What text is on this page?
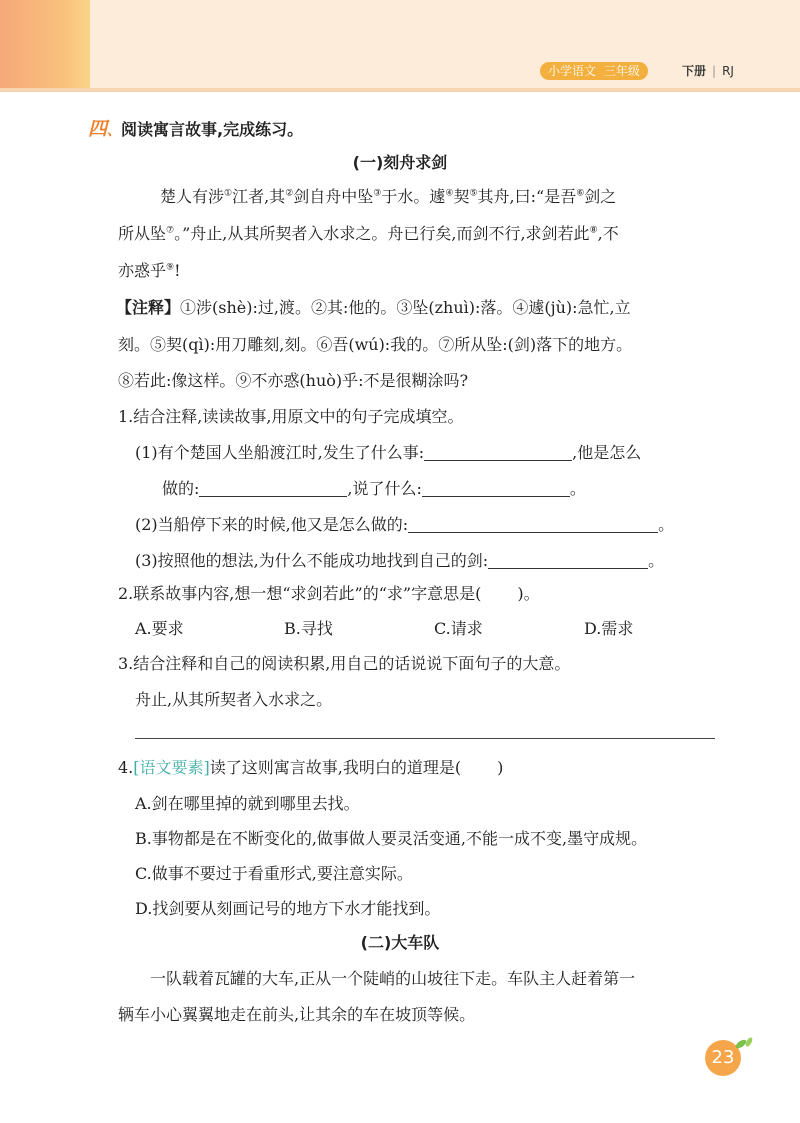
小学语文 三年级	下册 | RJ
四、阅读寓言故事,完成练习。
(一)刻舟求剑
楚人有涉①江者,其②剑自舟中坠③于水。遽④契⑤其舟,曰:“是吾⑥剑之
所从坠⑦。”舟止,从其所契者入水求之。舟已行矣,而剑不行,求剑若此⑧,不
亦惑乎⑨!
【注释】①涉(shè):过,渡。②其:他的。③坠(zhuì):落。④遽(jù):急忙,立
刻。⑤契(qì):用刀雕刻,刻。⑥吾(wú):我的。⑦所从坠:(剑)落下的地方。
⑧若此:像这样。⑨不亦惑(huò)乎:不是很糊涂吗?
1.结合注释,读读故事,用原文中的句子完成填空。
(1)有个楚国人坐船渡江时,发生了什么事:	,他是怎么
做的:	,说了什么:	。
(2)当船停下来的时候,他又是怎么做的:	。
(3)按照他的想法,为什么不能成功地找到自己的剑:	。
2.联系故事内容,想一想“求剑若此”的“求”字意思是( )。
A.要求	B.寻找	C.请求	D.需求
3.结合注释和自己的阅读积累,用自己的话说说下面句子的大意。
舟止,从其所契者入水求之。
4.[语文要素]读了这则寓言故事,我明白的道理是( )
A.剑在哪里掉的就到哪里去找。
B.事物都是在不断变化的,做事做人要灵活变通,不能一成不变,墨守成规。
C.做事不要过于看重形式,要注意实际。
D.找剑要从刻画记号的地方下水才能找到。
(二)大车队
一队载着瓦罐的大车,正从一个陡峭的山坡往下走。车队主人赶着第一
辆车小心翼翼地走在前头,让其余的车在坡顶等候。
23
